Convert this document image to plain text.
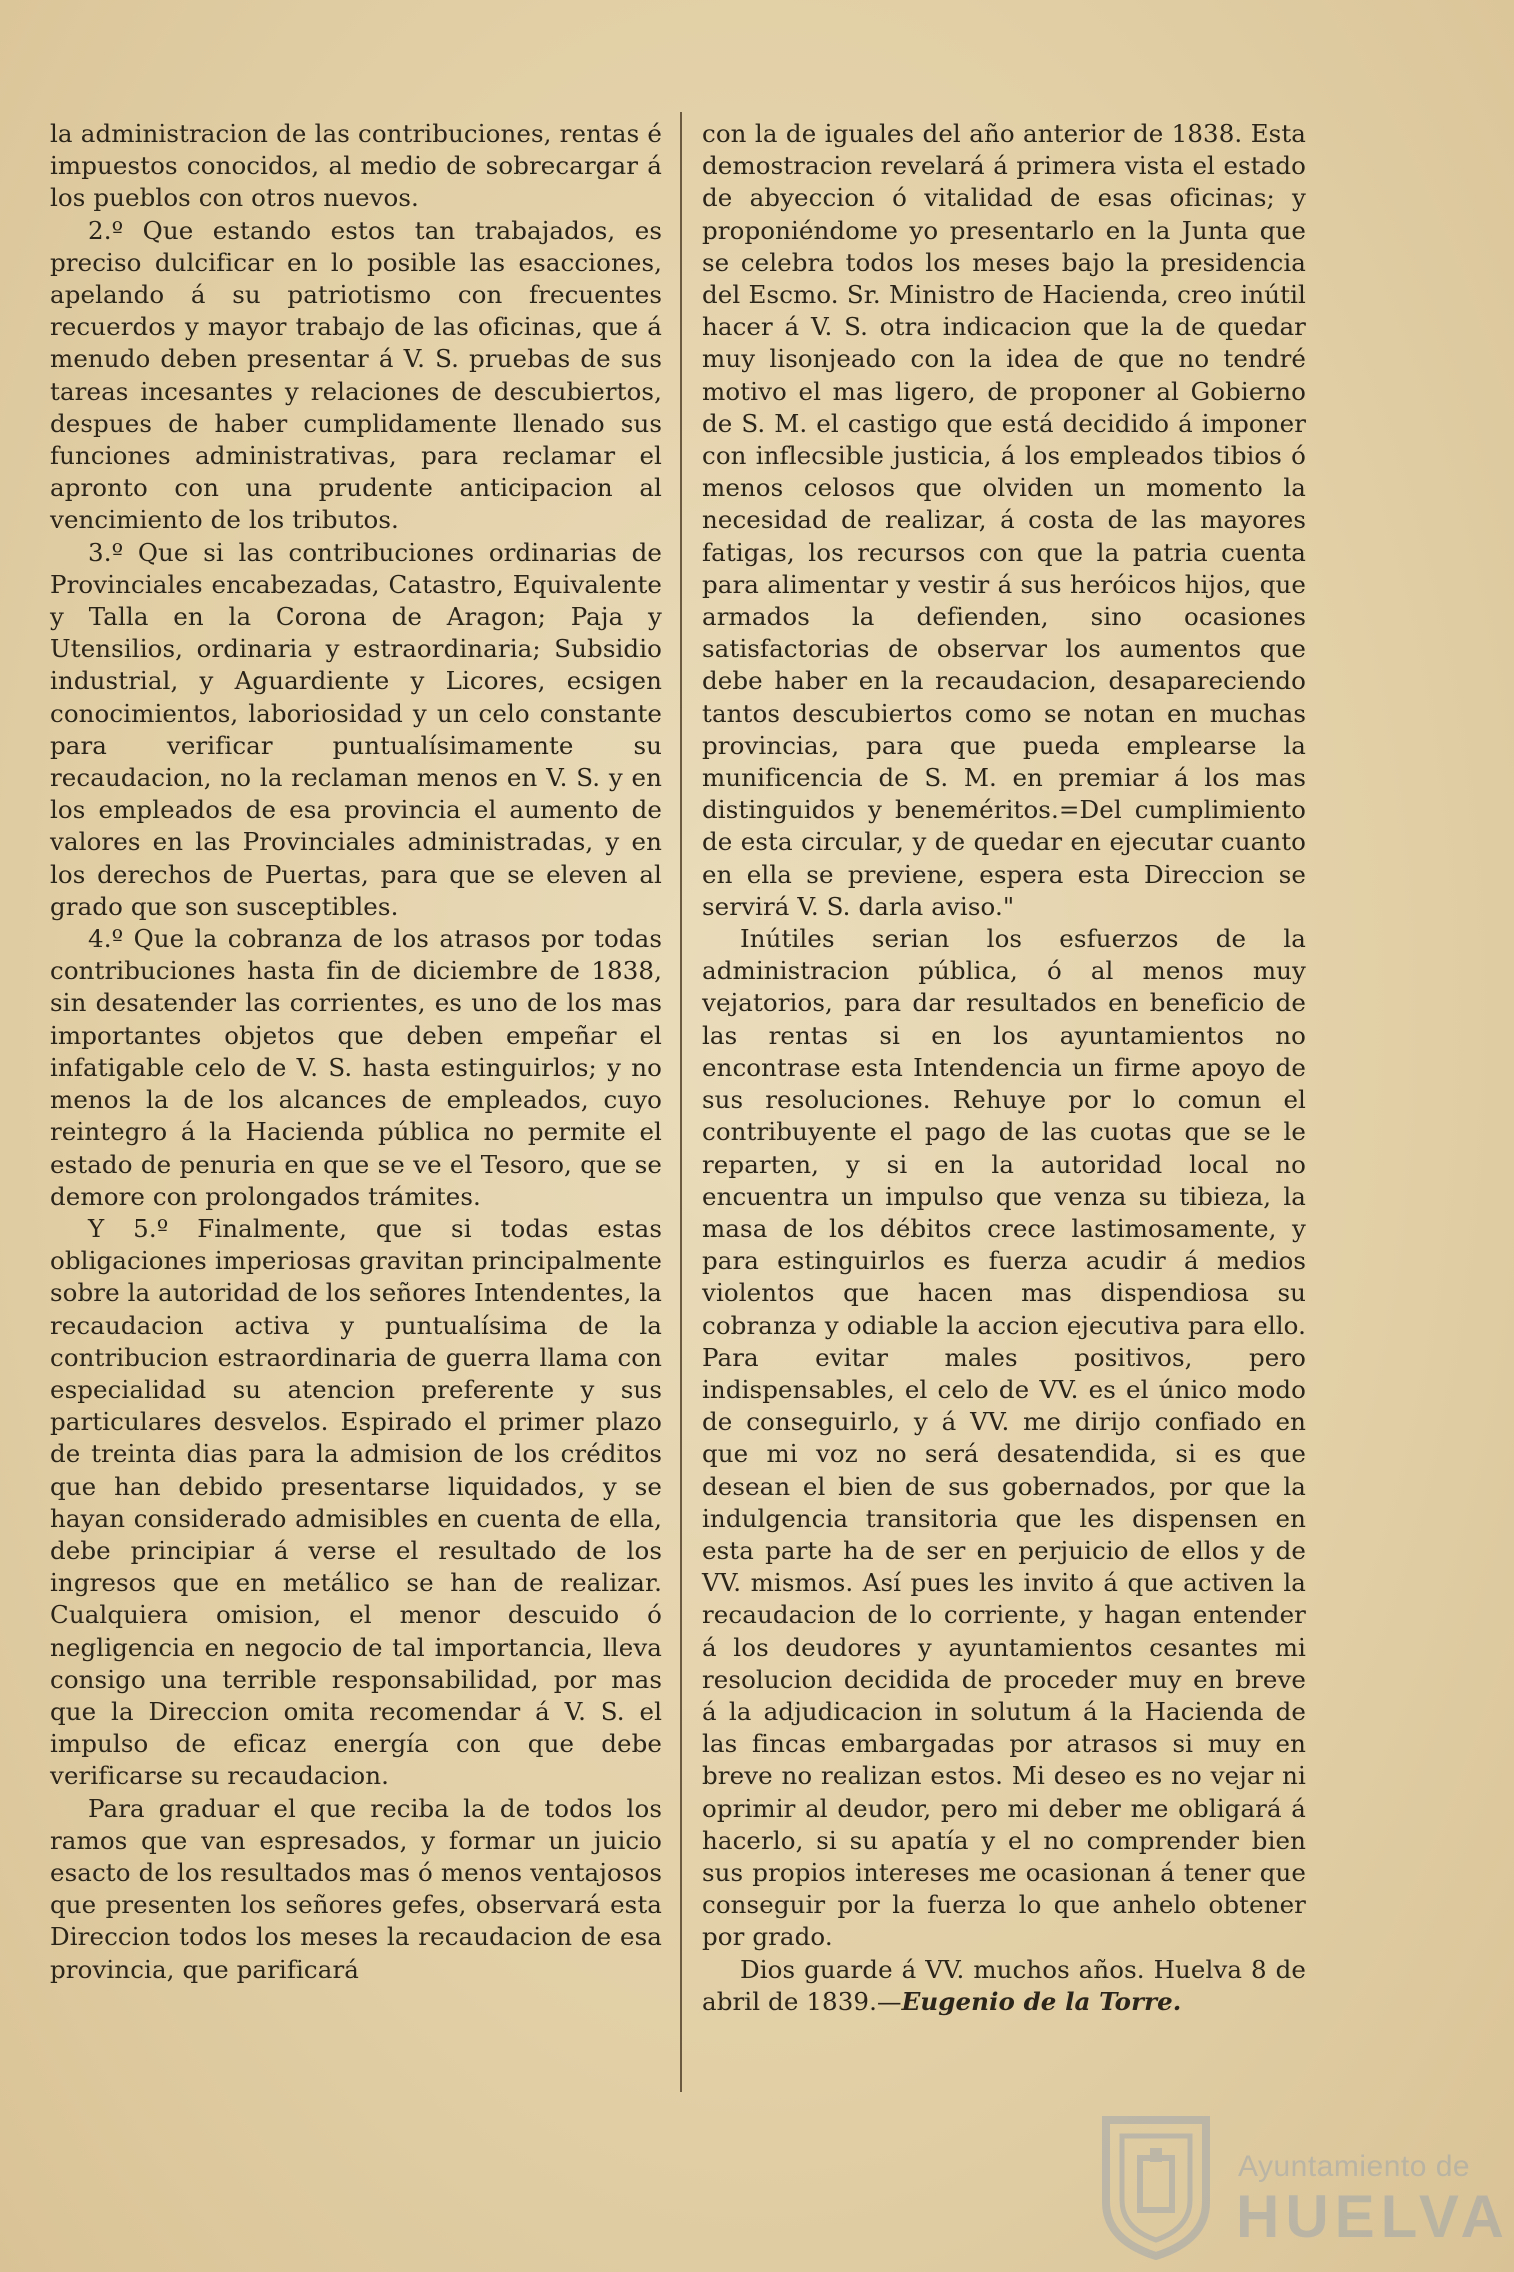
la administracion de las contribuciones, rentas é impuestos conocidos, al medio de sobrecargar á los pueblos con otros nuevos.

2.º Que estando estos tan trabajados, es preciso dulcificar en lo posible las esacciones, apelando á su patriotismo con frecuentes recuerdos y mayor trabajo de las oficinas, que á menudo deben presentar á V. S. pruebas de sus tareas incesantes y relaciones de descubiertos, despues de haber cumplidamente llenado sus funciones administrativas, para reclamar el apronto con una prudente anticipacion al vencimiento de los tributos.

3.º Que si las contribuciones ordinarias de Provinciales encabezadas, Catastro, Equivalente y Talla en la Corona de Aragon; Paja y Utensilios, ordinaria y estraordinaria; Subsidio industrial, y Aguardiente y Licores, ecsigen conocimientos, laboriosidad y un celo constante para verificar puntualísimamente su recaudacion, no la reclaman menos en V. S. y en los empleados de esa provincia el aumento de valores en las Provinciales administradas, y en los derechos de Puertas, para que se eleven al grado que son susceptibles.

4.º Que la cobranza de los atrasos por todas contribuciones hasta fin de diciembre de 1838, sin desatender las corrientes, es uno de los mas importantes objetos que deben empeñar el infatigable celo de V. S. hasta estinguirlos; y no menos la de los alcances de empleados, cuyo reintegro á la Hacienda pública no permite el estado de penuria en que se ve el Tesoro, que se demore con prolongados trámites.

Y 5.º Finalmente, que si todas estas obligaciones imperiosas gravitan principalmente sobre la autoridad de los señores Intendentes, la recaudacion activa y puntualísima de la contribucion estraordinaria de guerra llama con especialidad su atencion preferente y sus particulares desvelos. Espirado el primer plazo de treinta dias para la admision de los créditos que han debido presentarse liquidados, y se hayan considerado admisibles en cuenta de ella, debe principiar á verse el resultado de los ingresos que en metálico se han de realizar. Cualquiera omision, el menor descuido ó negligencia en negocio de tal importancia, lleva consigo una terrible responsabilidad, por mas que la Direccion omita recomendar á V. S. el impulso de eficaz energía con que debe verificarse su recaudacion.

Para graduar el que reciba la de todos los ramos que van espresados, y formar un juicio esacto de los resultados mas ó menos ventajosos que presenten los señores gefes, observará esta Direccion todos los meses la recaudacion de esa provincia, que parificará

con la de iguales del año anterior de 1838. Esta demostracion revelará á primera vista el estado de abyeccion ó vitalidad de esas oficinas; y proponiéndome yo presentarlo en la Junta que se celebra todos los meses bajo la presidencia del Escmo. Sr. Ministro de Hacienda, creo inútil hacer á V. S. otra indicacion que la de quedar muy lisonjeado con la idea de que no tendré motivo el mas ligero, de proponer al Gobierno de S. M. el castigo que está decidido á imponer con inflecsible justicia, á los empleados tibios ó menos celosos que olviden un momento la necesidad de realizar, á costa de las mayores fatigas, los recursos con que la patria cuenta para alimentar y vestir á sus heróicos hijos, que armados la defienden, sino ocasiones satisfactorias de observar los aumentos que debe haber en la recaudacion, desapareciendo tantos descubiertos como se notan en muchas provincias, para que pueda emplearse la munificencia de S. M. en premiar á los mas distinguidos y beneméritos.=Del cumplimiento de esta circular, y de quedar en ejecutar cuanto en ella se previene, espera esta Direccion se servirá V. S. darla aviso."

Inútiles serian los esfuerzos de la administracion pública, ó al menos muy vejatorios, para dar resultados en beneficio de las rentas si en los ayuntamientos no encontrase esta Intendencia un firme apoyo de sus resoluciones. Rehuye por lo comun el contribuyente el pago de las cuotas que se le reparten, y si en la autoridad local no encuentra un impulso que venza su tibieza, la masa de los débitos crece lastimosamente, y para estinguirlos es fuerza acudir á medios violentos que hacen mas dispendiosa su cobranza y odiable la accion ejecutiva para ello. Para evitar males positivos, pero indispensables, el celo de VV. es el único modo de conseguirlo, y á VV. me dirijo confiado en que mi voz no será desatendida, si es que desean el bien de sus gobernados, por que la indulgencia transitoria que les dispensen en esta parte ha de ser en perjuicio de ellos y de VV. mismos. Así pues les invito á que activen la recaudacion de lo corriente, y hagan entender á los deudores y ayuntamientos cesantes mi resolucion decidida de proceder muy en breve á la adjudicacion in solutum á la Hacienda de las fincas embargadas por atrasos si muy en breve no realizan estos. Mi deseo es no vejar ni oprimir al deudor, pero mi deber me obligará á hacerlo, si su apatía y el no comprender bien sus propios intereses me ocasionan á tener que conseguir por la fuerza lo que anhelo obtener por grado.

Dios guarde á VV. muchos años. Huelva 8 de abril de 1839.—Eugenio de la Torre.

Ayuntamiento de
HUELVA
